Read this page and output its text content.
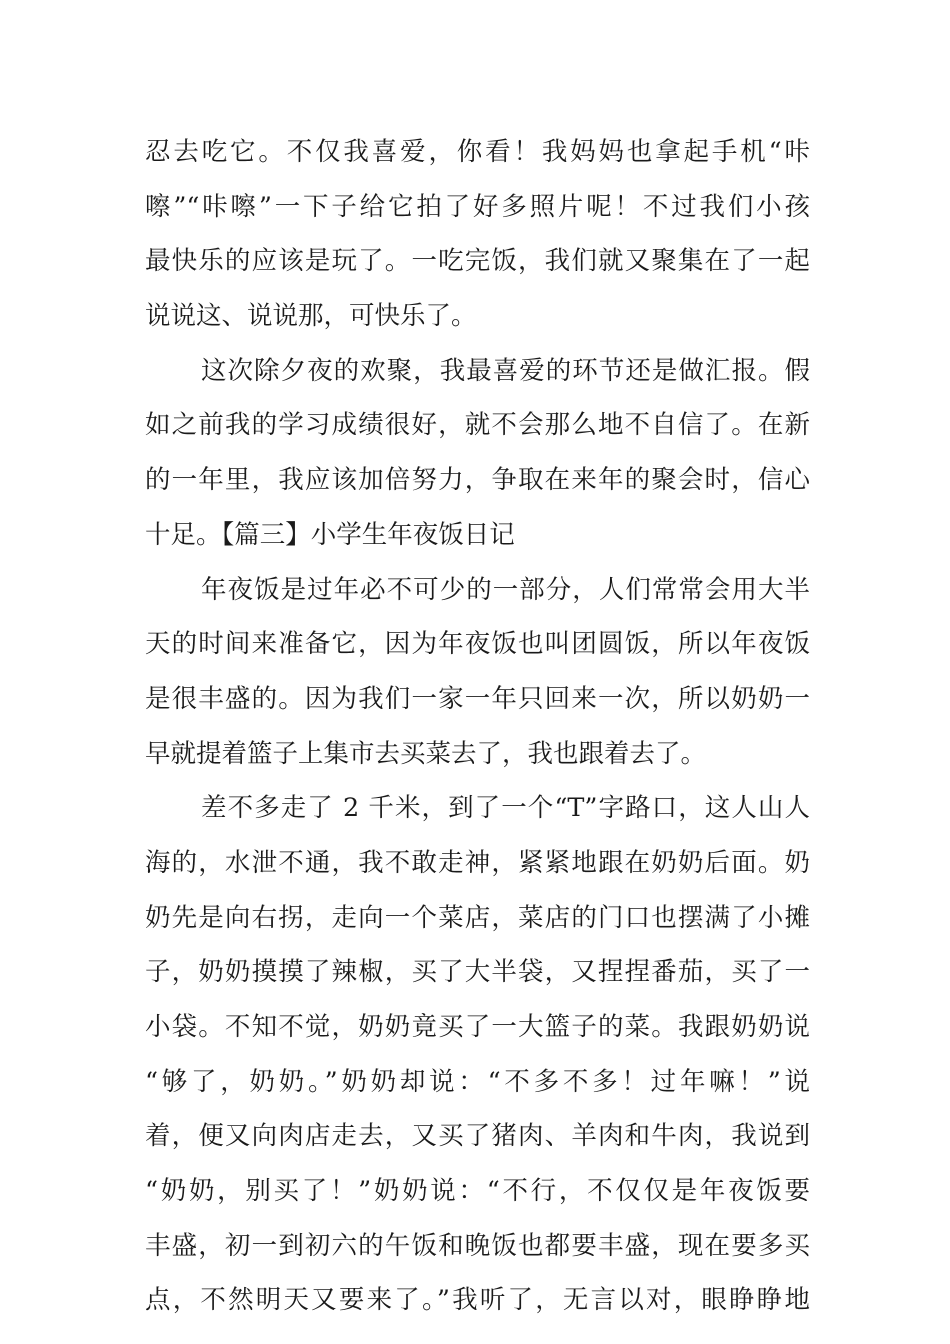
忍去吃它。不仅我喜爱，你看！我妈妈也拿起手机“咔
嚓”“咔嚓”一下子给它拍了好多照片呢！不过我们小孩
最快乐的应该是玩了。一吃完饭，我们就又聚集在了一起
说说这、说说那，可快乐了。
这次除夕夜的欢聚，我最喜爱的环节还是做汇报。假
如之前我的学习成绩很好，就不会那么地不自信了。在新
的一年里，我应该加倍努力，争取在来年的聚会时，信心
十足。【篇三】小学生年夜饭日记
年夜饭是过年必不可少的一部分，人们常常会用大半
天的时间来准备它，因为年夜饭也叫团圆饭，所以年夜饭
是很丰盛的。因为我们一家一年只回来一次，所以奶奶一
早就提着篮子上集市去买菜去了，我也跟着去了。
差不多走了 2 千米，到了一个“T”字路口，这人山人
海的，水泄不通，我不敢走神，紧紧地跟在奶奶后面。奶
奶先是向右拐，走向一个菜店，菜店的门口也摆满了小摊
子，奶奶摸摸了辣椒，买了大半袋，又捏捏番茄，买了一
小袋。不知不觉，奶奶竟买了一大篮子的菜。我跟奶奶说
“够了，奶奶。”奶奶却说：“不多不多！过年嘛！”说
着，便又向肉店走去，又买了猪肉、羊肉和牛肉，我说到
“奶奶，别买了！”奶奶说：“不行，不仅仅是年夜饭要
丰盛，初一到初六的午饭和晚饭也都要丰盛，现在要多买
点，不然明天又要来了。”我听了，无言以对，眼睁睁地
